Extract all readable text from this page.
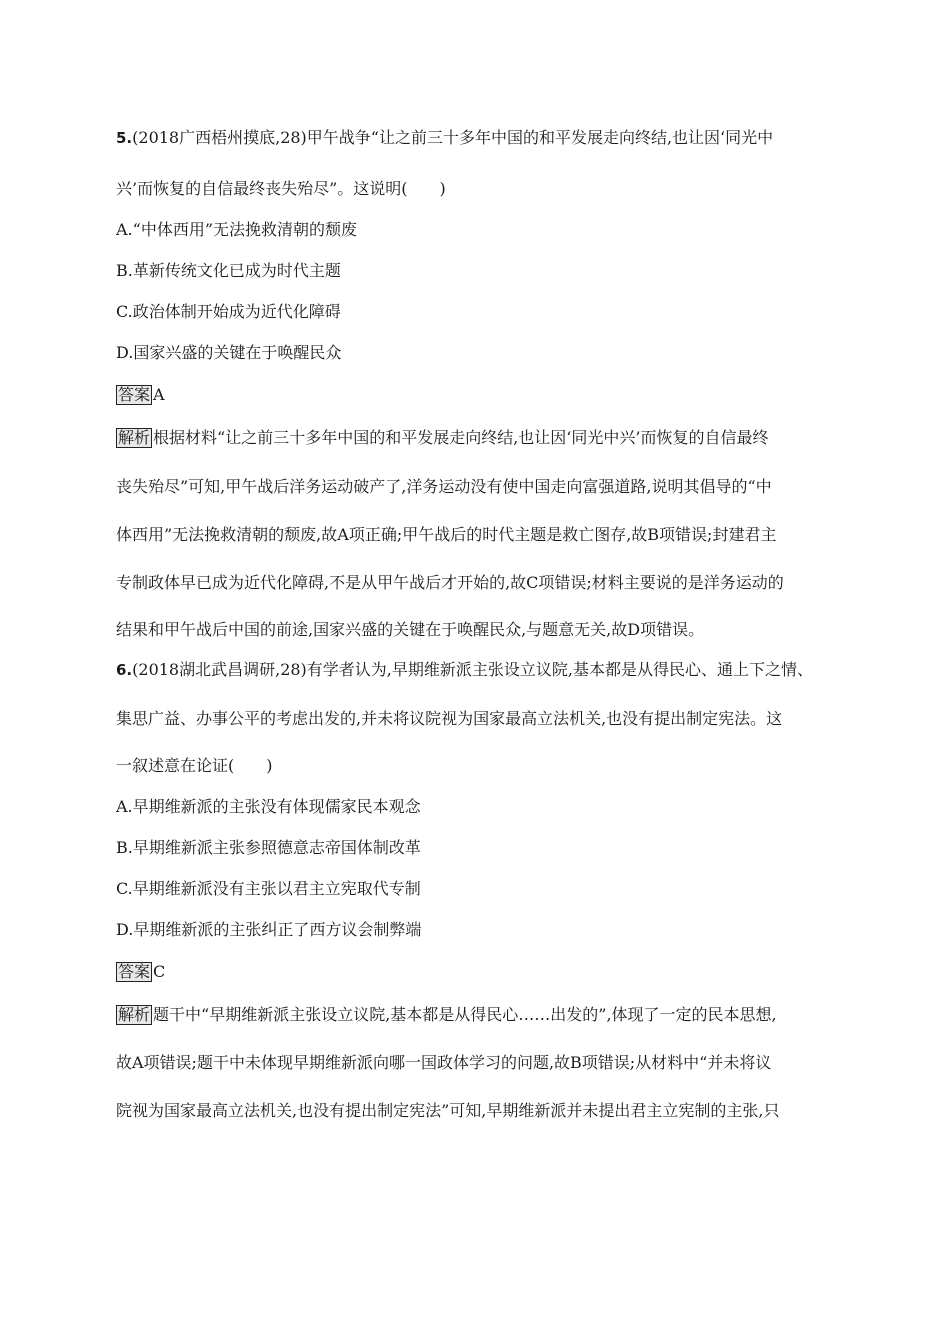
5.(2018广西梧州摸底,28)甲午战争“让之前三十多年中国的和平发展走向终结,也让因‘同光中
兴’而恢复的自信最终丧失殆尽”。这说明(　　)
A.“中体西用”无法挽救清朝的颓废
B.革新传统文化已成为时代主题
C.政治体制开始成为近代化障碍
D.国家兴盛的关键在于唤醒民众
答案 A
解析 根据材料“让之前三十多年中国的和平发展走向终结,也让因‘同光中兴’而恢复的自信最终
丧失殆尽”可知,甲午战后洋务运动破产了,洋务运动没有使中国走向富强道路,说明其倡导的“中
体西用”无法挽救清朝的颓废,故A项正确;甲午战后的时代主题是救亡图存,故B项错误;封建君主
专制政体早已成为近代化障碍,不是从甲午战后才开始的,故C项错误;材料主要说的是洋务运动的
结果和甲午战后中国的前途,国家兴盛的关键在于唤醒民众,与题意无关,故D项错误。
6.(2018湖北武昌调研,28)有学者认为,早期维新派主张设立议院,基本都是从得民心、通上下之情、
集思广益、办事公平的考虑出发的,并未将议院视为国家最高立法机关,也没有提出制定宪法。这
一叙述意在论证(　　)
A.早期维新派的主张没有体现儒家民本观念
B.早期维新派主张参照德意志帝国体制改革
C.早期维新派没有主张以君主立宪取代专制
D.早期维新派的主张纠正了西方议会制弊端
答案 C
解析 题干中“早期维新派主张设立议院,基本都是从得民心……出发的”,体现了一定的民本思想,
故A项错误;题干中未体现早期维新派向哪一国政体学习的问题,故B项错误;从材料中“并未将议
院视为国家最高立法机关,也没有提出制定宪法”可知,早期维新派并未提出君主立宪制的主张,只
